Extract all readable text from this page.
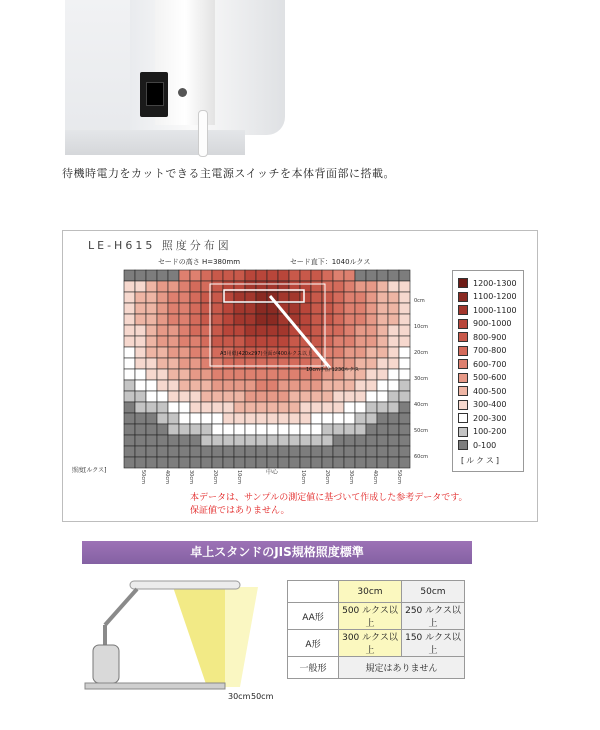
待機時電力をカットできる主電源スイッチを本体背面部に搭載。
LE-H615 照度分布図
セードの高さ H=380mm	セード直下：1040ルクス
A3用紙(420x297)全面が400ルクス以上
10cm手前 1230ルクス
0cm
10cm
20cm
30cm
40cm
50cm
60cm	[ルクス]
1200-1300
1100-1200
1000-1100
900-1000
800-900
700-800
600-700
500-600
400-500
300-400
200-300
100-200
0-100
照度[ルクス]
本データは、サンプルの測定値に基づいて作成した参考データです。
保証値ではありません。
卓上スタンドのJIS規格照度標準
30cm 50cm
	30cm	50cm
AA形	500 ルクス以上	250 ルクス以上
A形	300 ルクス以上	150 ルクス以上
一般形	規定はありません	
50cm	40cm	30cm	20cm	10cm	10cm	20cm	30cm	40cm	50cm
中心
